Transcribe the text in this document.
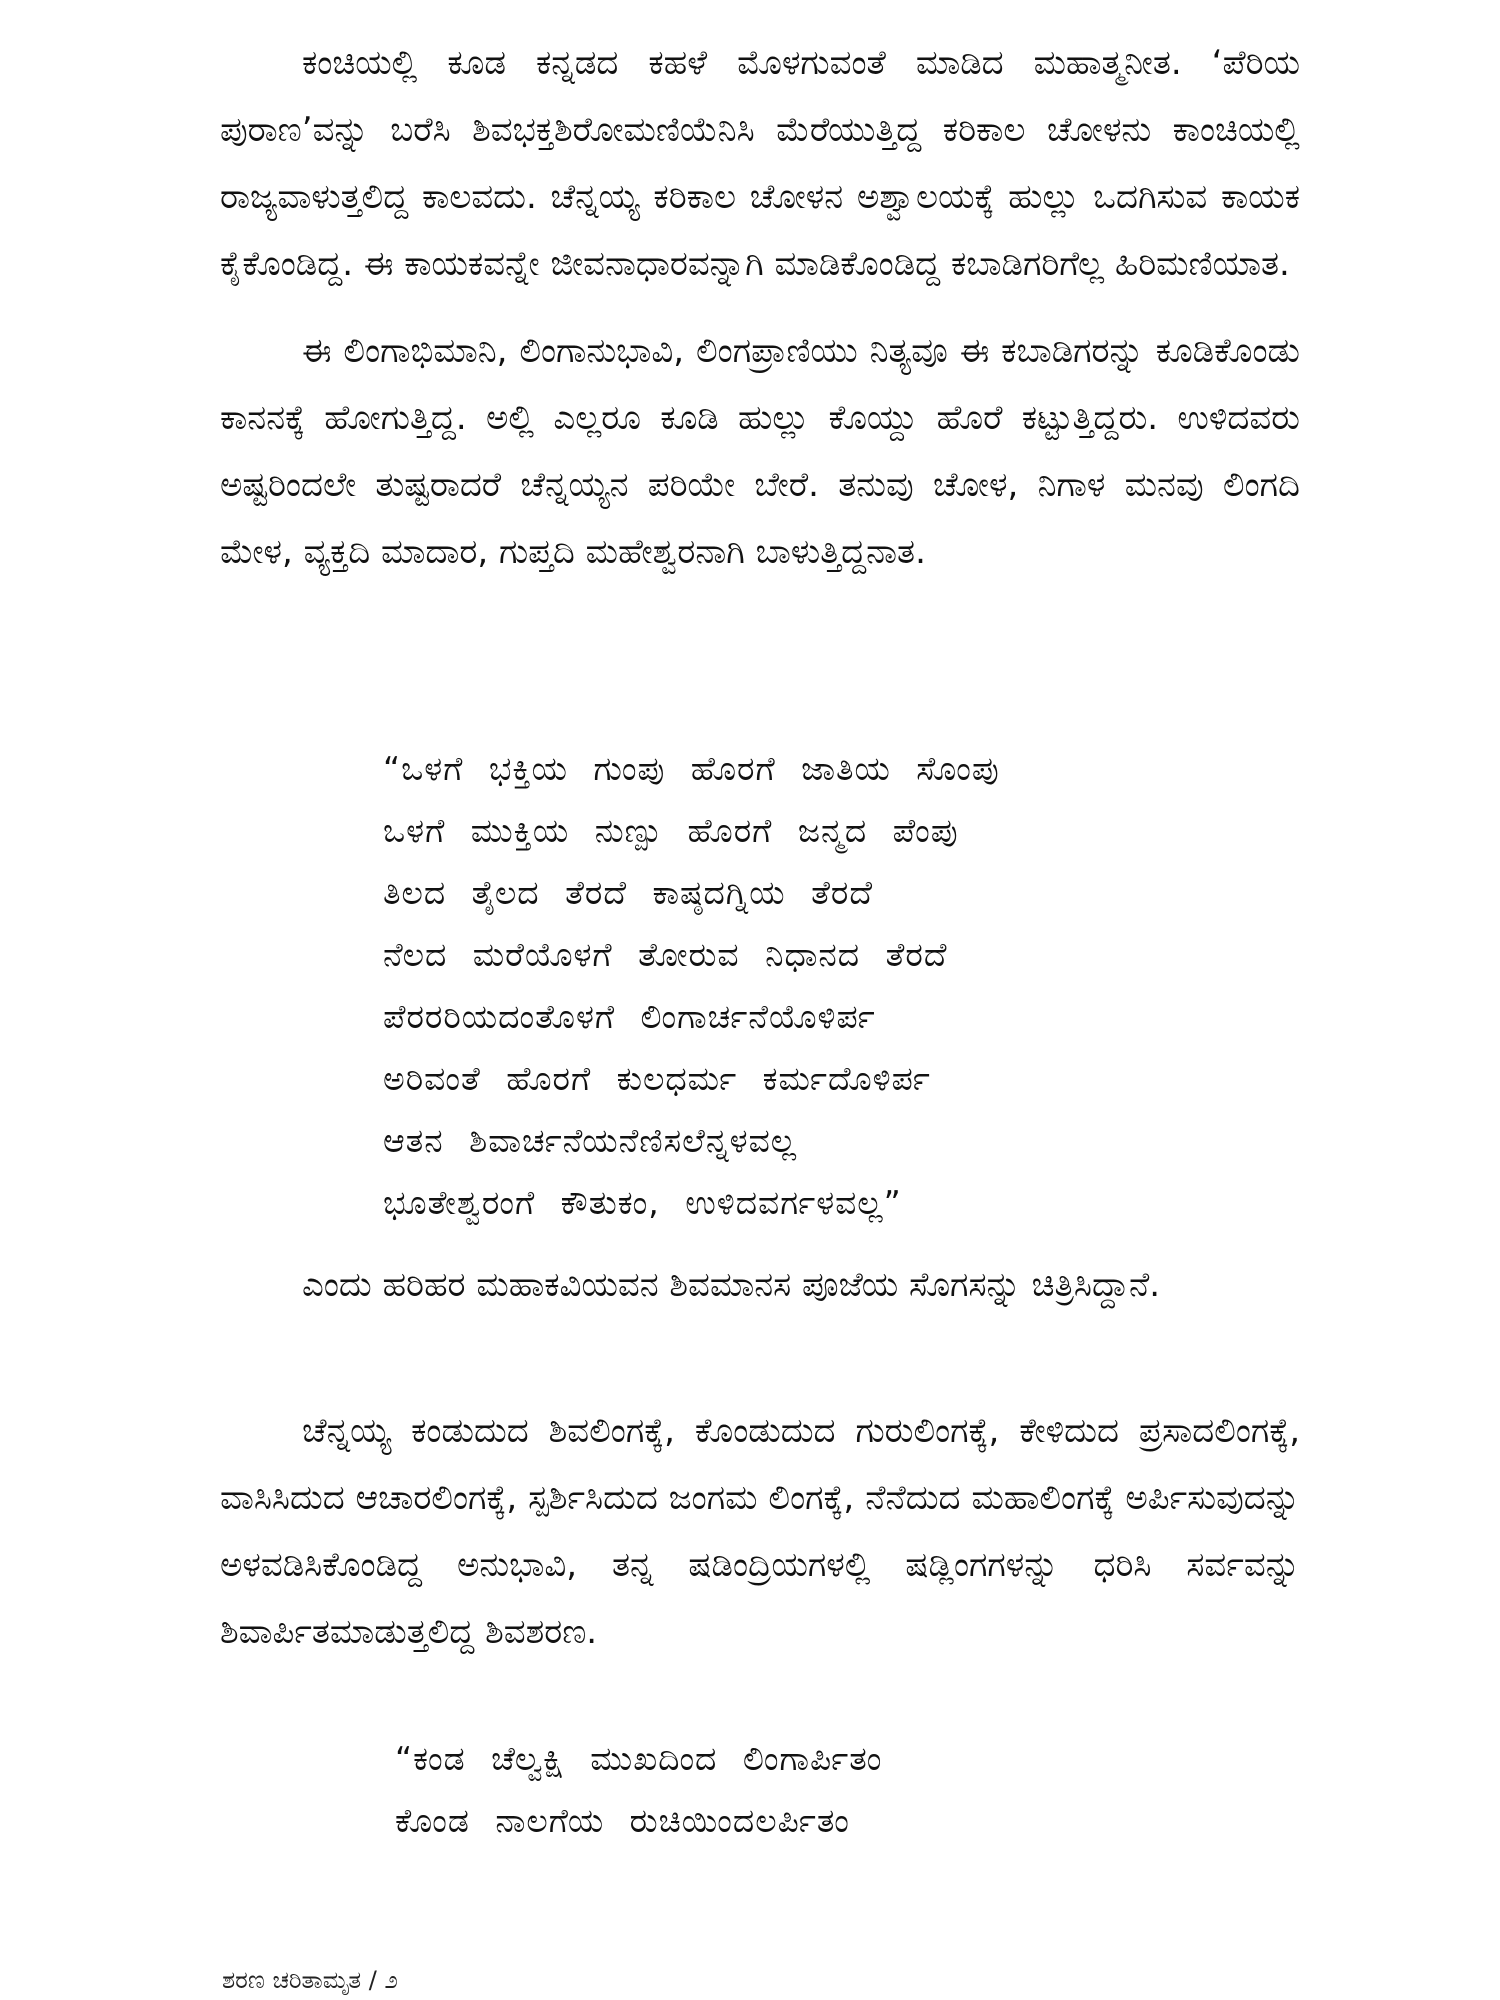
ಕಂಚಿಯಲ್ಲಿ ಕೂಡ ಕನ್ನಡದ ಕಹಳೆ ಮೊಳಗುವಂತೆ ಮಾಡಿದ ಮಹಾತ್ಮನೀತ. ‘ಪೆರಿಯ ಪುರಾಣ’ವನ್ನು ಬರೆಸಿ ಶಿವಭಕ್ತಶಿರೋಮಣಿಯೆನಿಸಿ ಮೆರೆಯುತ್ತಿದ್ದ ಕರಿಕಾಲ ಚೋಳನು ಕಾಂಚಿಯಲ್ಲಿ ರಾಜ್ಯವಾಳುತ್ತಲಿದ್ದ ಕಾಲವದು. ಚೆನ್ನಯ್ಯ ಕರಿಕಾಲ ಚೋಳನ ಅಶ್ವಾಲಯಕ್ಕೆ ಹುಲ್ಲು ಒದಗಿಸುವ ಕಾಯಕ ಕೈಕೊಂಡಿದ್ದ. ಈ ಕಾಯಕವನ್ನೇ ಜೀವನಾಧಾರವನ್ನಾಗಿ ಮಾಡಿಕೊಂಡಿದ್ದ ಕಬಾಡಿಗರಿಗೆಲ್ಲ ಹಿರಿಮಣಿಯಾತ.

ಈ ಲಿಂಗಾಭಿಮಾನಿ, ಲಿಂಗಾನುಭಾವಿ, ಲಿಂಗಪ್ರಾಣಿಯು ನಿತ್ಯವೂ ಈ ಕಬಾಡಿಗರನ್ನು ಕೂಡಿಕೊಂಡು ಕಾನನಕ್ಕೆ ಹೋಗುತ್ತಿದ್ದ. ಅಲ್ಲಿ ಎಲ್ಲರೂ ಕೂಡಿ ಹುಲ್ಲು ಕೊಯ್ದು ಹೊರೆ ಕಟ್ಟುತ್ತಿದ್ದರು. ಉಳಿದವರು ಅಷ್ಟರಿಂದಲೇ ತುಷ್ಟರಾದರೆ ಚೆನ್ನಯ್ಯನ ಪರಿಯೇ ಬೇರೆ. ತನುವು ಚೋಳ, ನಿಗಾಳ ಮನವು ಲಿಂಗದಿ ಮೇಳ, ವ್ಯಕ್ತದಿ ಮಾದಾರ, ಗುಪ್ತದಿ ಮಹೇಶ್ವರನಾಗಿ ಬಾಳುತ್ತಿದ್ದನಾತ.

“ಒಳಗೆ ಭಕ್ತಿಯ ಗುಂಪು ಹೊರಗೆ ಜಾತಿಯ ಸೊಂಪು
ಒಳಗೆ ಮುಕ್ತಿಯ ನುಣ್ಪು ಹೊರಗೆ ಜನ್ಮದ ಪೆಂಪು
ತಿಲದ ತೈಲದ ತೆರದೆ ಕಾಷ್ಠದಗ್ನಿಯ ತೆರದೆ
ನೆಲದ ಮರೆಯೊಳಗೆ ತೋರುವ ನಿಧಾನದ ತೆರದೆ
ಪೆರರರಿಯದಂತೊಳಗೆ ಲಿಂಗಾರ್ಚನೆಯೊಳಿರ್ಪ
ಅರಿವಂತೆ ಹೊರಗೆ ಕುಲಧರ್ಮ ಕರ್ಮದೊಳಿರ್ಪ
ಆತನ ಶಿವಾರ್ಚನೆಯನೆಣಿಸಲೆನ್ನಳವಲ್ಲ
ಭೂತೇಶ್ವರಂಗೆ ಕೌತುಕಂ, ಉಳಿದವರ್ಗಳವಲ್ಲ”

ಎಂದು ಹರಿಹರ ಮಹಾಕವಿಯವನ ಶಿವಮಾನಸ ಪೂಜೆಯ ಸೊಗಸನ್ನು ಚಿತ್ರಿಸಿದ್ದಾನೆ.

ಚೆನ್ನಯ್ಯ ಕಂಡುದುದ ಶಿವಲಿಂಗಕ್ಕೆ, ಕೊಂಡುದುದ ಗುರುಲಿಂಗಕ್ಕೆ, ಕೇಳಿದುದ ಪ್ರಸಾದಲಿಂಗಕ್ಕೆ, ವಾಸಿಸಿದುದ ಆಚಾರಲಿಂಗಕ್ಕೆ, ಸ್ಪರ್ಶಿಸಿದುದ ಜಂಗಮ ಲಿಂಗಕ್ಕೆ, ನೆನೆದುದ ಮಹಾಲಿಂಗಕ್ಕೆ ಅರ್ಪಿಸುವುದನ್ನು ಅಳವಡಿಸಿಕೊಂಡಿದ್ದ ಅನುಭಾವಿ, ತನ್ನ ಷಡಿಂದ್ರಿಯಗಳಲ್ಲಿ ಷಡ್ಲಿಂಗಗಳನ್ನು ಧರಿಸಿ ಸರ್ವವನ್ನು ಶಿವಾರ್ಪಿತಮಾಡುತ್ತಲಿದ್ದ ಶಿವಶರಣ.

“ಕಂಡ ಚೆಲ್ವಕ್ಷಿ ಮುಖದಿಂದ ಲಿಂಗಾರ್ಪಿತಂ
ಕೊಂಡ ನಾಲಗೆಯ ರುಚಿಯಿಂದಲರ್ಪಿತಂ
ಶರಣ ಚರಿತಾಮೃತ / ೨
